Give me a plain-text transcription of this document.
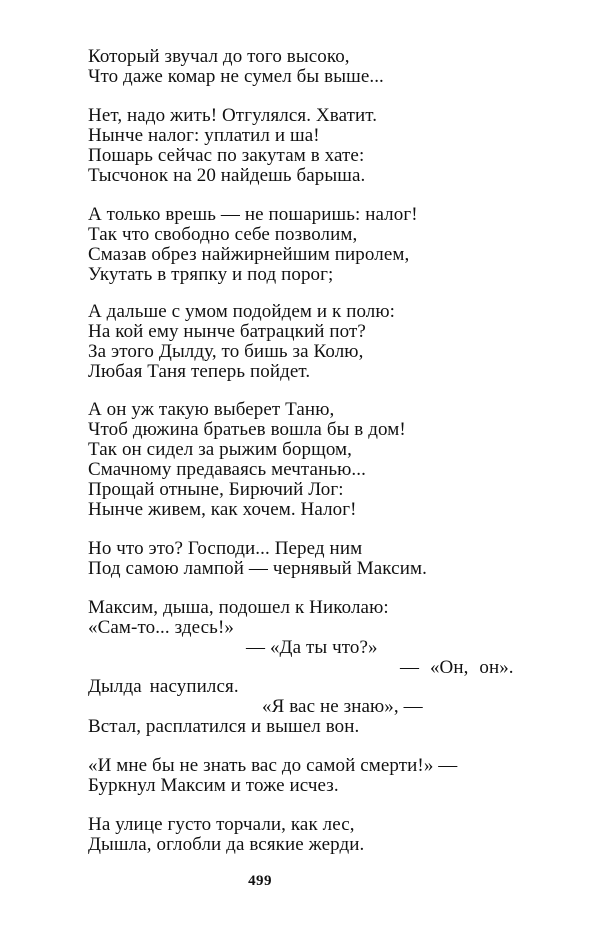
Который звучал до того высоко,
Что даже комар не сумел бы выше...
Нет, надо жить! Отгулялся. Хватит.
Нынче налог: уплатил и ша!
Пошарь сейчас по закутам в хате:
Тысчонок на 20 найдешь барыша.
А только врешь — не пошаришь: налог!
Так что свободно себе позволим,
Смазав обрез найжирнейшим пиролем,
Укутать в тряпку и под порог;
А дальше с умом подойдем и к полю:
На кой ему нынче батрацкий пот?
За этого Дылду, то бишь за Колю,
Любая Таня теперь пойдет.
А он уж такую выберет Таню,
Чтоб дюжина братьев вошла бы в дом!
Так он сидел за рыжим борщом,
Смачному предаваясь мечтанью...
Прощай отныне, Бирючий Лог:
Нынче живем, как хочем. Налог!
Но что это? Господи... Перед ним
Под самою лампой — чернявый Максим.
Максим, дыша, подошел к Николаю:
«Сам-то... здесь!»
— «Да ты что?»
— «Он, он».
Дылда насупился.
«Я вас не знаю», —
Встал, расплатился и вышел вон.
«И мне бы не знать вас до самой смерти!» —
Буркнул Максим и тоже исчез.
На улице густо торчали, как лес,
Дышла, оглобли да всякие жерди.
499
